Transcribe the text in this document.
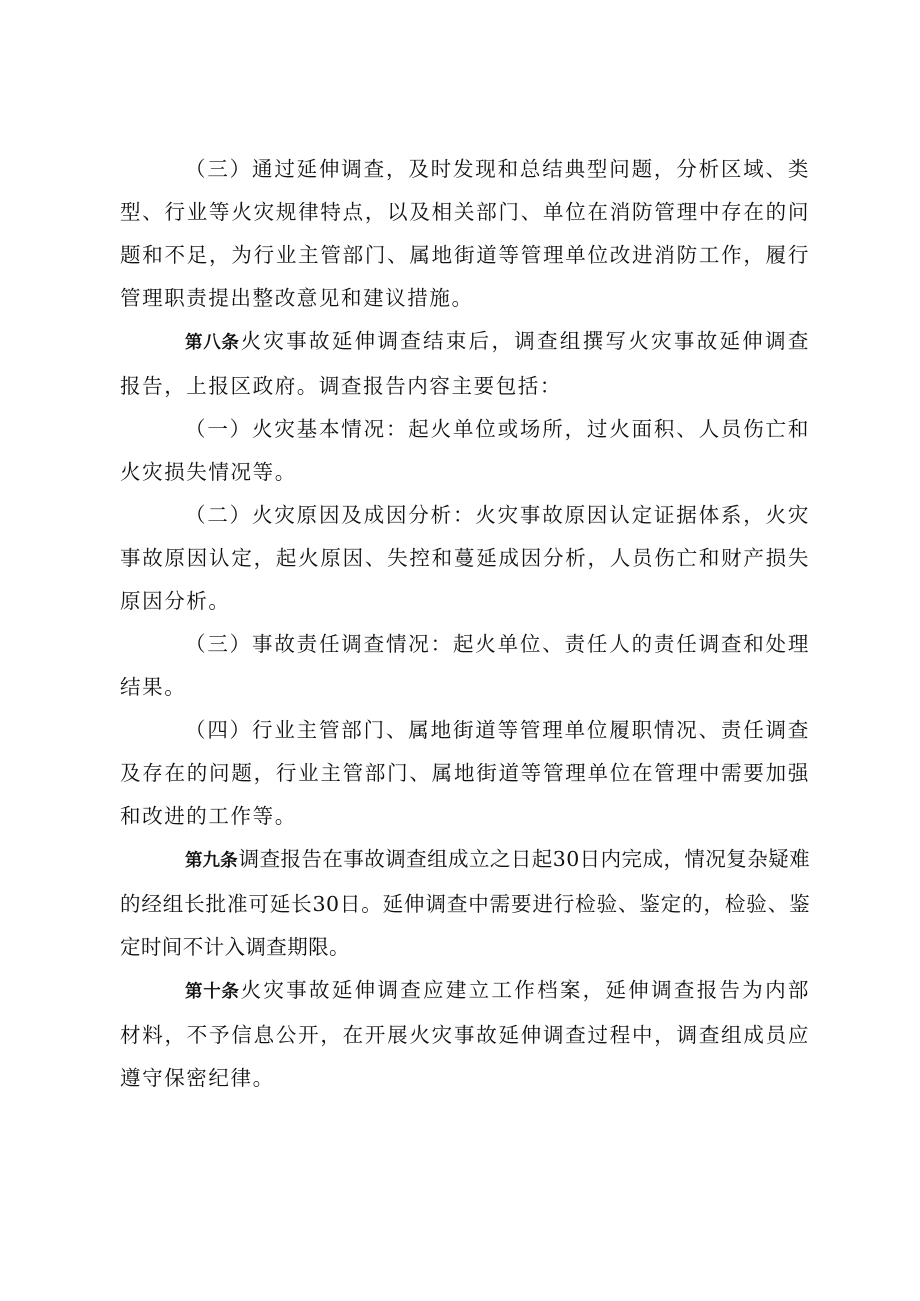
（三）通过延伸调查，及时发现和总结典型问题，分析区域、类型、行业等火灾规律特点，以及相关部门、单位在消防管理中存在的问题和不足，为行业主管部门、属地街道等管理单位改进消防工作，履行管理职责提出整改意见和建议措施。

第八条火灾事故延伸调查结束后，调查组撰写火灾事故延伸调查报告，上报区政府。调查报告内容主要包括：

（一）火灾基本情况：起火单位或场所，过火面积、人员伤亡和火灾损失情况等。

（二）火灾原因及成因分析：火灾事故原因认定证据体系，火灾事故原因认定，起火原因、失控和蔓延成因分析，人员伤亡和财产损失原因分析。

（三）事故责任调查情况：起火单位、责任人的责任调查和处理结果。

（四）行业主管部门、属地街道等管理单位履职情况、责任调查及存在的问题，行业主管部门、属地街道等管理单位在管理中需要加强和改进的工作等。

第九条调查报告在事故调查组成立之日起30日内完成，情况复杂疑难的经组长批准可延长30日。延伸调查中需要进行检验、鉴定的，检验、鉴定时间不计入调查期限。

第十条火灾事故延伸调查应建立工作档案，延伸调查报告为内部材料，不予信息公开，在开展火灾事故延伸调查过程中，调查组成员应遵守保密纪律。
